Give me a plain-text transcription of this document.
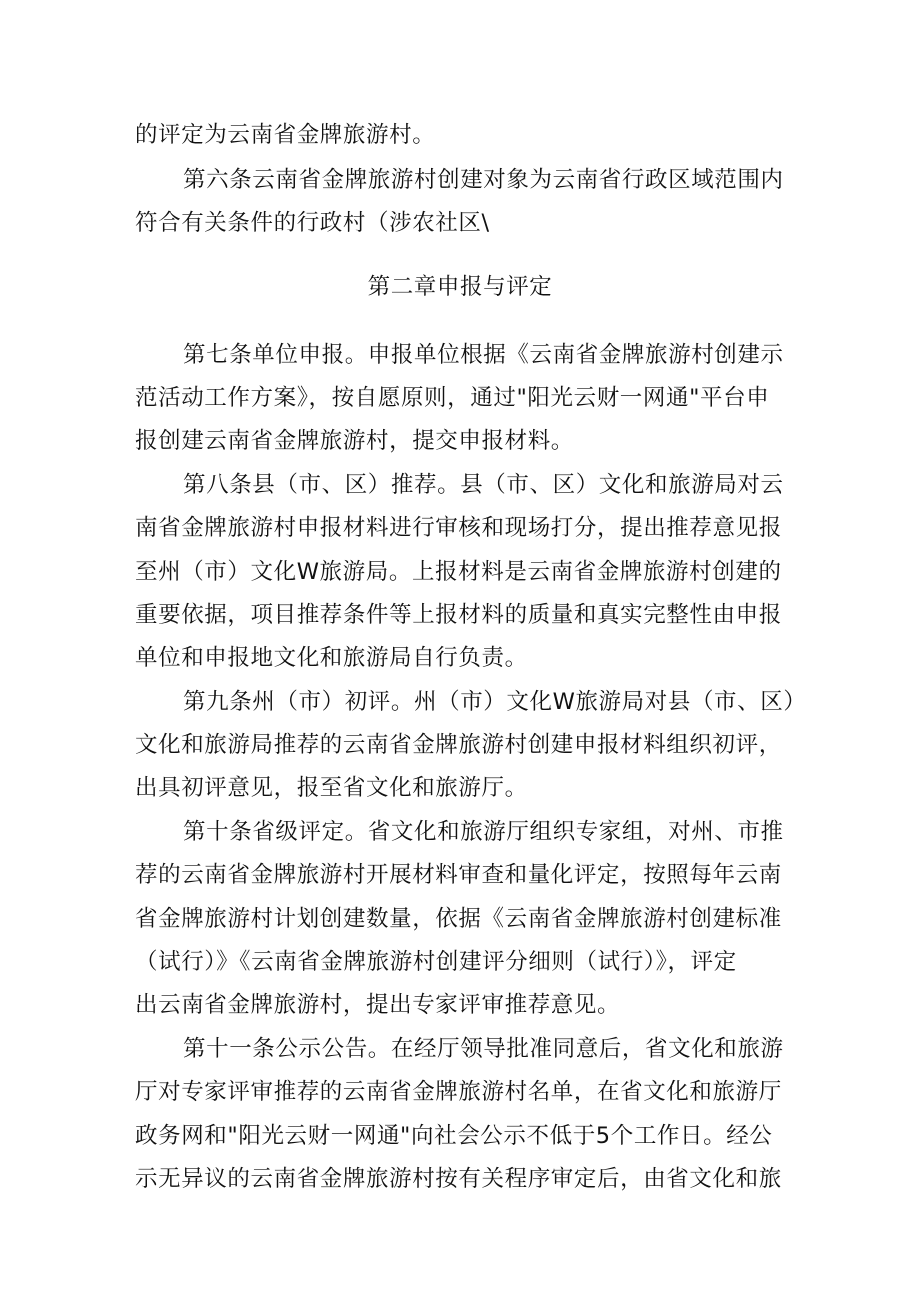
的评定为云南省金牌旅游村。
第六条云南省金牌旅游村创建对象为云南省行政区域范围内
符合有关条件的行政村（涉农社区\
第二章申报与评定
第七条单位申报。申报单位根据《云南省金牌旅游村创建示
范活动工作方案》，按自愿原则，通过"阳光云财一网通"平台申
报创建云南省金牌旅游村，提交申报材料。
第八条县（市、区）推荐。县（市、区）文化和旅游局对云
南省金牌旅游村申报材料进行审核和现场打分，提出推荐意见报
至州（市）文化W旅游局。上报材料是云南省金牌旅游村创建的
重要依据，项目推荐条件等上报材料的质量和真实完整性由申报
单位和申报地文化和旅游局自行负责。
第九条州（市）初评。州（市）文化W旅游局对县（市、区）
文化和旅游局推荐的云南省金牌旅游村创建申报材料组织初评，
出具初评意见，报至省文化和旅游厅。
第十条省级评定。省文化和旅游厅组织专家组，对州、市推
荐的云南省金牌旅游村开展材料审查和量化评定，按照每年云南
省金牌旅游村计划创建数量，依据《云南省金牌旅游村创建标准
（试行）》《云南省金牌旅游村创建评分细则（试行）》，评定
出云南省金牌旅游村，提出专家评审推荐意见。
第十一条公示公告。在经厅领导批准同意后，省文化和旅游
厅对专家评审推荐的云南省金牌旅游村名单，在省文化和旅游厅
政务网和"阳光云财一网通"向社会公示不低于5个工作日。经公
示无异议的云南省金牌旅游村按有关程序审定后，由省文化和旅
